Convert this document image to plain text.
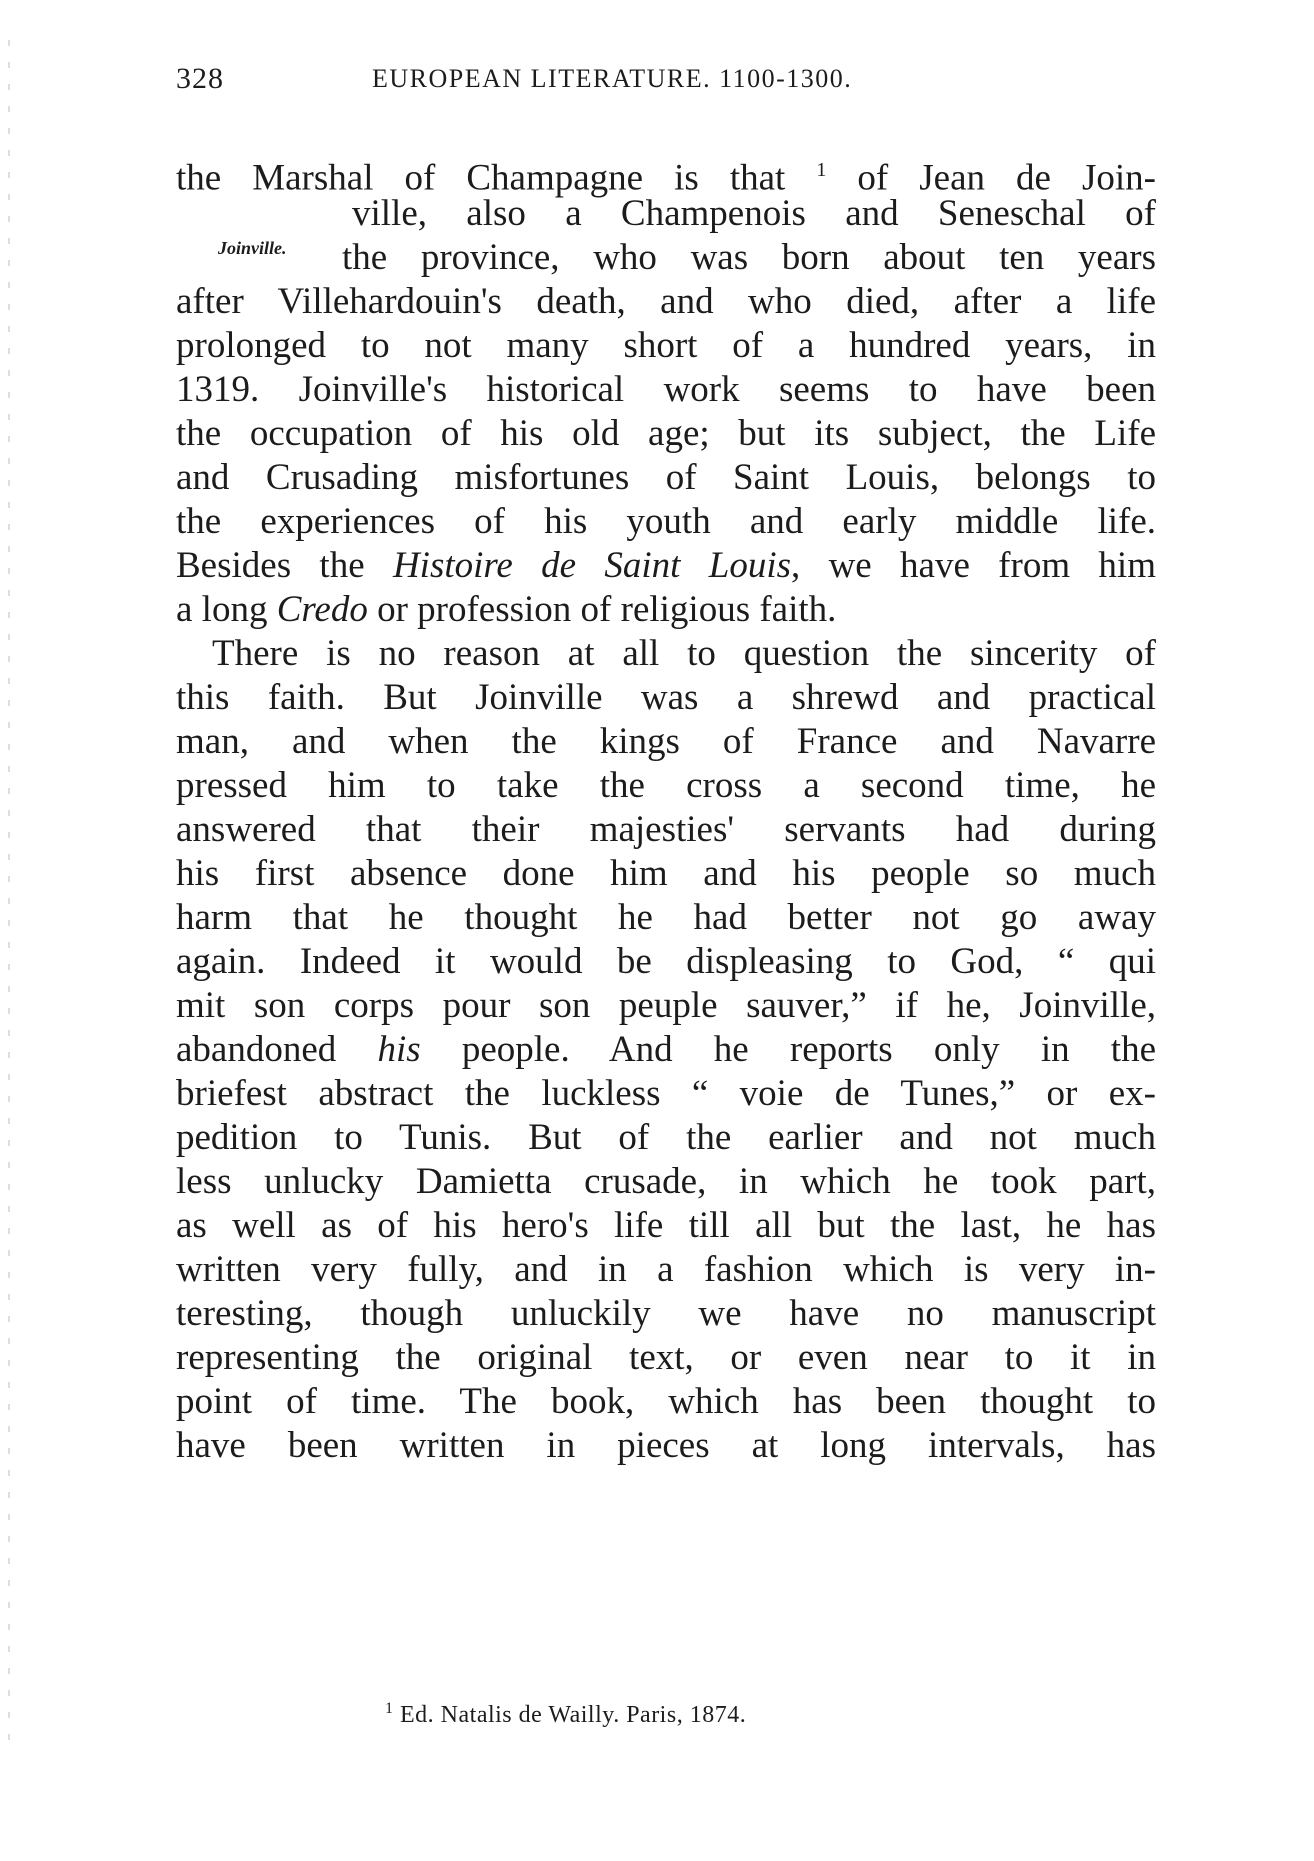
328	EUROPEAN LITERATURE. 1100-1300.
Joinville.
the Marshal of Champagne is that $^1$ of Jean de Join-
ville, also a Champenois and Seneschal of
the province, who was born about ten years
after Villehardouin's death, and who died, after a life
prolonged to not many short of a hundred years, in
1319. Joinville's historical work seems to have been
the occupation of his old age; but its subject, the Life
and Crusading misfortunes of Saint Louis, belongs to
the experiences of his youth and early middle life.
Besides the Histoire de Saint Louis, we have from him
a long Credo or profession of religious faith.
There is no reason at all to question the sincerity of
this faith. But Joinville was a shrewd and practical
man, and when the kings of France and Navarre
pressed him to take the cross a second time, he
answered that their majesties' servants had during
his first absence done him and his people so much
harm that he thought he had better not go away
again. Indeed it would be displeasing to God, “ qui
mit son corps pour son peuple sauver,” if he, Joinville,
abandoned his people. And he reports only in the
briefest abstract the luckless “ voie de Tunes,” or ex-
pedition to Tunis. But of the earlier and not much
less unlucky Damietta crusade, in which he took part,
as well as of his hero's life till all but the last, he has
written very fully, and in a fashion which is very in-
teresting, though unluckily we have no manuscript
representing the original text, or even near to it in
point of time. The book, which has been thought to
have been written in pieces at long intervals, has
$^1$ Ed. Natalis de Wailly. Paris, 1874.
